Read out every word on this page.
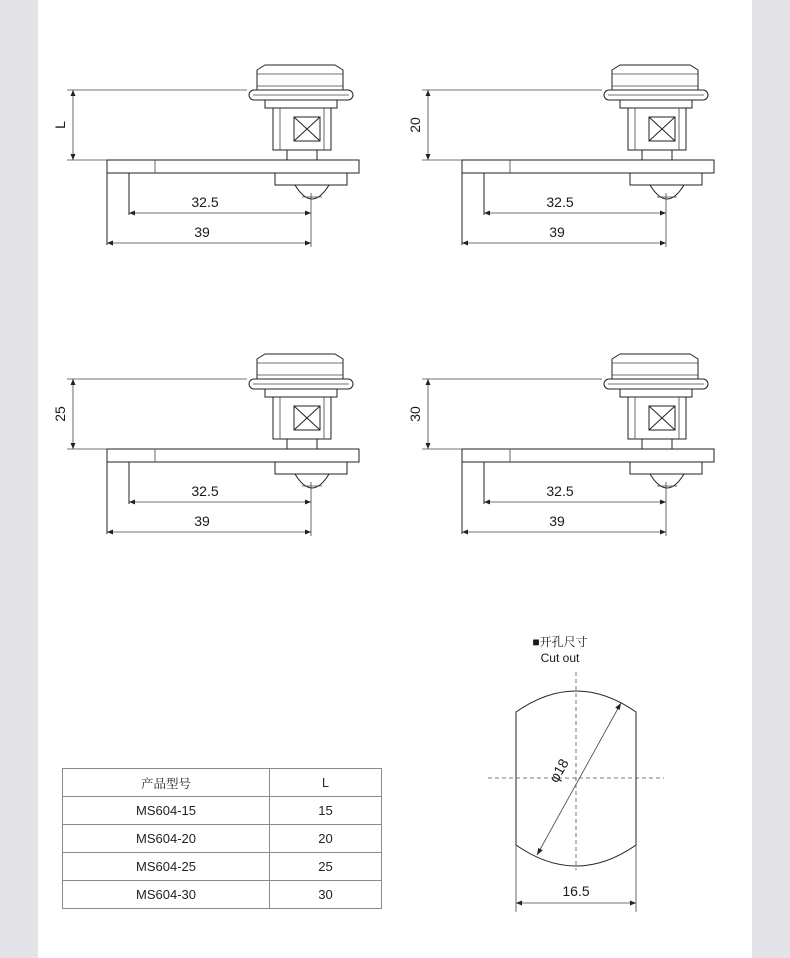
L
32.5
39
20
32.5
39
25
32.5
39
30
32.5
39
■开孔尺寸
Cut out
φ18
16.5
产品型号	L
MS604-15	15
MS604-20	20
MS604-25	25
MS604-30	30
